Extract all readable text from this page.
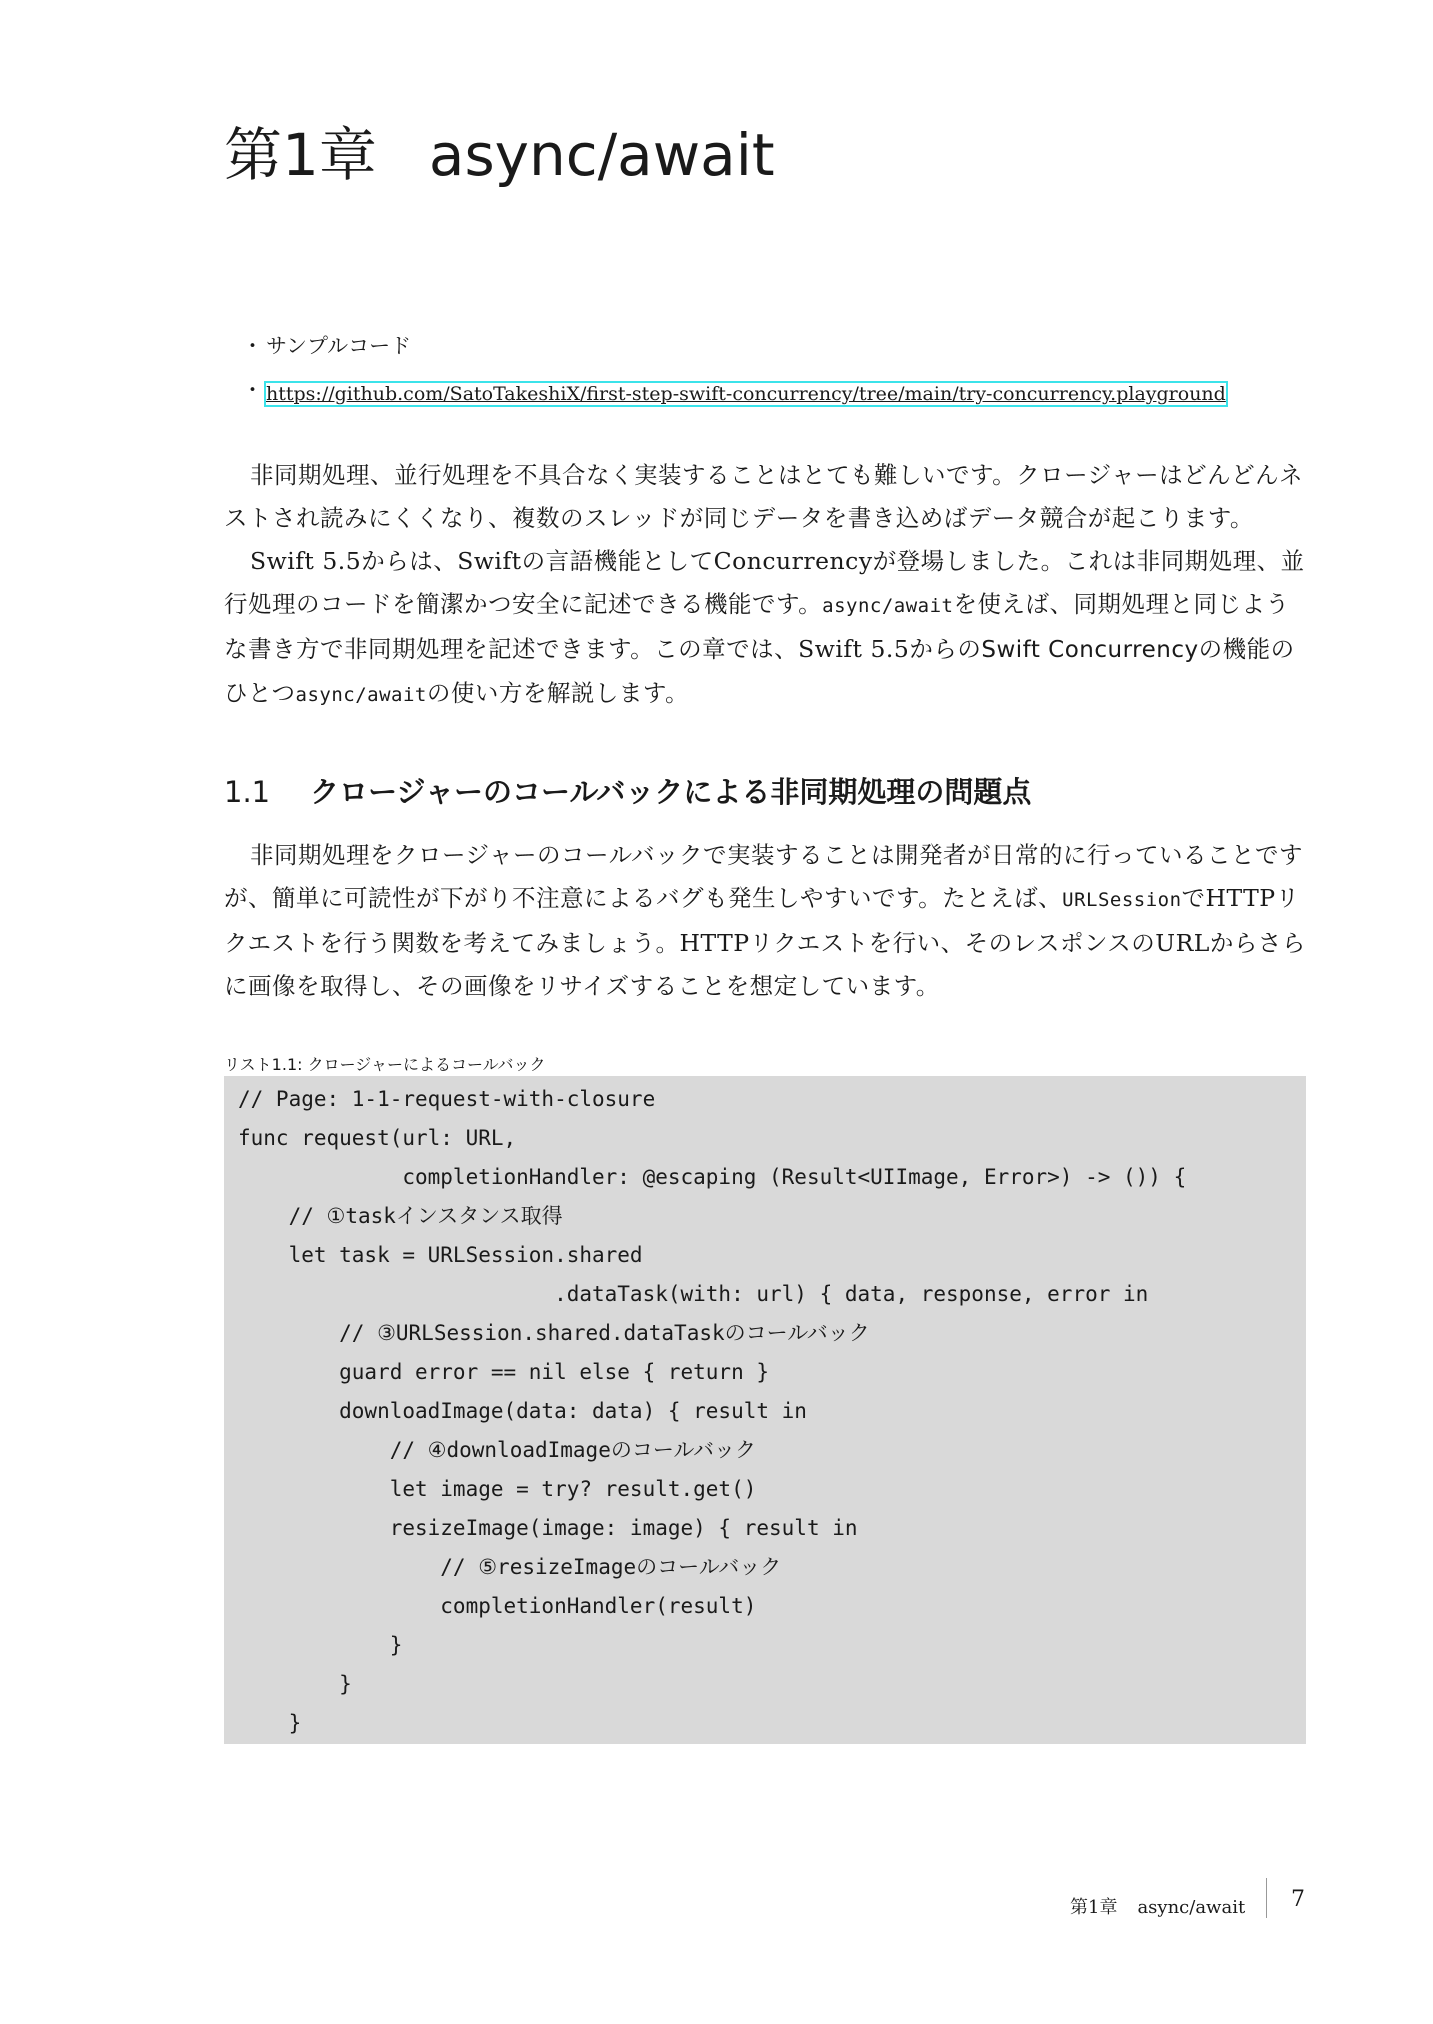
第1章 async/await
・ サンプルコード
・ https://github.com/SatoTakeshiX/first-step-swift-concurrency/tree/main/try-concurrency.playground

非同期処理、並行処理を不具合なく実装することはとても難しいです。クロージャーはどんどんネストされ読みにくくなり、複数のスレッドが同じデータを書き込めばデータ競合が起こります。

Swift 5.5からは、Swiftの言語機能としてConcurrencyが登場しました。これは非同期処理、並行処理のコードを簡潔かつ安全に記述できる機能です。async/awaitを使えば、同期処理と同じような書き方で非同期処理を記述できます。この章では、Swift 5.5からのSwift Concurrencyの機能のひとつasync/awaitの使い方を解説します。

1.1 クロージャーのコールバックによる非同期処理の問題点

非同期処理をクロージャーのコールバックで実装することは開発者が日常的に行っていることですが、簡単に可読性が下がり不注意によるバグも発生しやすいです。たとえば、URLSessionでHTTPリクエストを行う関数を考えてみましょう。HTTPリクエストを行い、そのレスポンスのURLからさらに画像を取得し、その画像をリサイズすることを想定しています。

リスト1.1: クロージャーによるコールバック
// Page: 1-1-request-with-closure
func request(url: URL,
completionHandler: @escaping (Result<UIImage, Error>) -> ()) {
// ①taskインスタンス取得
let task = URLSession.shared
.dataTask(with: url) { data, response, error in
// ③URLSession.shared.dataTaskのコールバック
guard error == nil else { return }
downloadImage(data: data) { result in
// ④downloadImageのコールバック
let image = try? result.get()
resizeImage(image: image) { result in
// ⑤resizeImageのコールバック
completionHandler(result)
}
}
}
第1章 async/await 7
